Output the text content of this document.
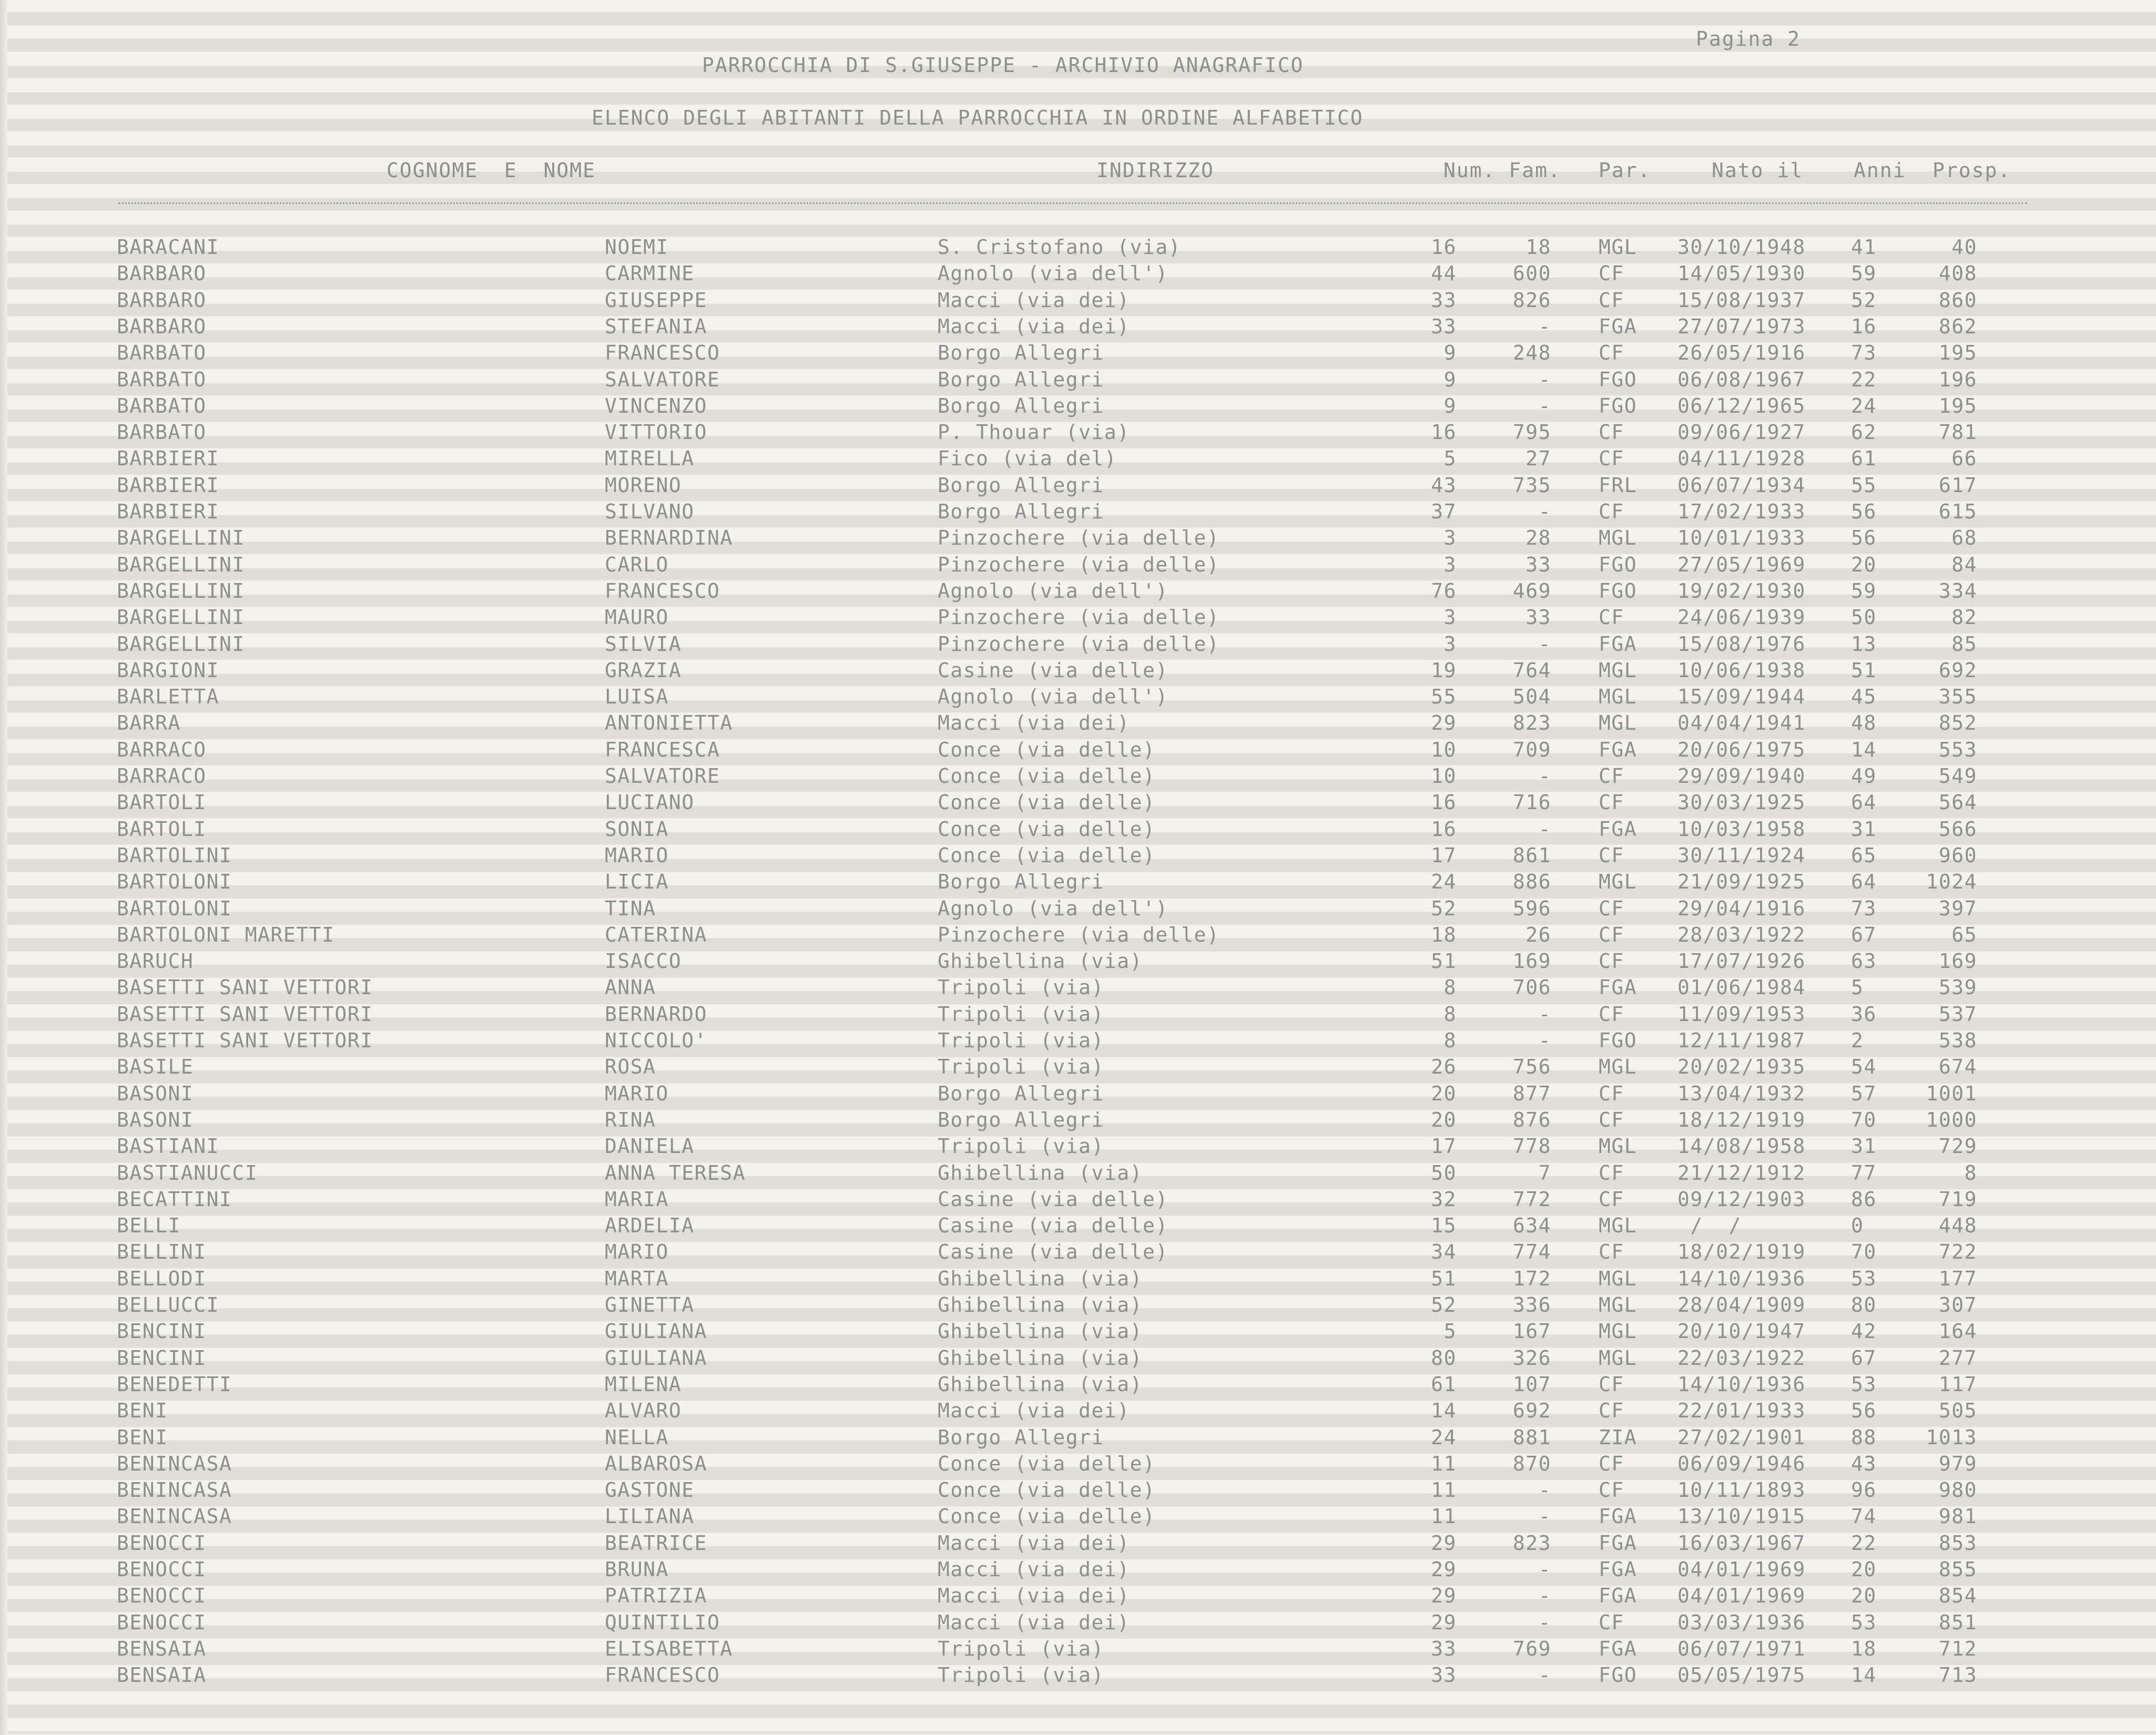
Pagina 2
PARROCCHIA DI S.GIUSEPPE - ARCHIVIO ANAGRAFICO
ELENCO DEGLI ABITANTI DELLA PARROCCHIA IN ORDINE ALFABETICO
COGNOME  E  NOME	INDIRIZZO	Num. Fam. Par.	Nato il	Anni Prosp.
BARACANI	NOEMI	S. Cristofano (via)	16	18 MGL 30/10/1948 41	40
BARBARO	CARMINE	Agnolo (via dell')	44	600 CF	14/05/1930 59	408
BARBARO	GIUSEPPE	Macci (via dei)	33	826 CF	15/08/1937 52	860
BARBARO	STEFANIA	Macci (via dei)	33	- FGA 27/07/1973 16	862
BARBATO	FRANCESCO	Borgo Allegri	9	248 CF	26/05/1916 73	195
BARBATO	SALVATORE	Borgo Allegri	9	- FGO 06/08/1967 22	196
BARBATO	VINCENZO	Borgo Allegri	9	- FGO 06/12/1965 24	195
BARBATO	VITTORIO	P. Thouar (via)	16	795 CF	09/06/1927 62	781
BARBIERI	MIRELLA	Fico (via del)	5	27 CF	04/11/1928 61	66
BARBIERI	MORENO	Borgo Allegri	43	735 FRL 06/07/1934 55	617
BARBIERI	SILVANO	Borgo Allegri	37	- CF	17/02/1933 56	615
BARGELLINI	BERNARDINA	Pinzochere (via delle)	3	28 MGL 10/01/1933 56	68
BARGELLINI	CARLO	Pinzochere (via delle)	3	33 FGO 27/05/1969 20	84
BARGELLINI	FRANCESCO	Agnolo (via dell')	76	469 FGO 19/02/1930 59	334
BARGELLINI	MAURO	Pinzochere (via delle)	3	33 CF	24/06/1939 50	82
BARGELLINI	SILVIA	Pinzochere (via delle)	3	- FGA 15/08/1976 13	85
BARGIONI	GRAZIA	Casine (via delle)	19	764 MGL 10/06/1938 51	692
BARLETTA	LUISA	Agnolo (via dell')	55	504 MGL 15/09/1944 45	355
BARRA	ANTONIETTA	Macci (via dei)	29	823 MGL 04/04/1941 48	852
BARRACO	FRANCESCA	Conce (via delle)	10	709 FGA 20/06/1975 14	553
BARRACO	SALVATORE	Conce (via delle)	10	- CF	29/09/1940 49	549
BARTOLI	LUCIANO	Conce (via delle)	16	716 CF	30/03/1925 64	564
BARTOLI	SONIA	Conce (via delle)	16	- FGA 10/03/1958 31	566
BARTOLINI	MARIO	Conce (via delle)	17	861 CF	30/11/1924 65	960
BARTOLONI	LICIA	Borgo Allegri	24	886 MGL 21/09/1925 64 1024
BARTOLONI	TINA	Agnolo (via dell')	52	596 CF	29/04/1916 73	397
BARTOLONI MARETTI	CATERINA	Pinzochere (via delle)	18	26 CF	28/03/1922 67	65
BARUCH	ISACCO	Ghibellina (via)	51	169 CF	17/07/1926 63	169
BASETTI SANI VETTORI	ANNA	Tripoli (via)	8	706 FGA 01/06/1984 5	539
BASETTI SANI VETTORI	BERNARDO	Tripoli (via)	8	- CF	11/09/1953 36	537
BASETTI SANI VETTORI	NICCOLO'	Tripoli (via)	8	- FGO 12/11/1987 2	538
BASILE	ROSA	Tripoli (via)	26	756 MGL 20/02/1935 54	674
BASONI	MARIO	Borgo Allegri	20	877 CF	13/04/1932 57 1001
BASONI	RINA	Borgo Allegri	20	876 CF	18/12/1919 70 1000
BASTIANI	DANIELA	Tripoli (via)	17	778 MGL 14/08/1958 31	729
BASTIANUCCI	ANNA TERESA	Ghibellina (via)	50	7 CF	21/12/1912 77	8
BECATTINI	MARIA	Casine (via delle)	32	772 CF	09/12/1903 86	719
BELLI	ARDELIA	Casine (via delle)	15	634 MGL /  /	0	448
BELLINI	MARIO	Casine (via delle)	34	774 CF	18/02/1919 70	722
BELLODI	MARTA	Ghibellina (via)	51	172 MGL 14/10/1936 53	177
BELLUCCI	GINETTA	Ghibellina (via)	52	336 MGL 28/04/1909 80	307
BENCINI	GIULIANA	Ghibellina (via)	5	167 MGL 20/10/1947 42	164
BENCINI	GIULIANA	Ghibellina (via)	80	326 MGL 22/03/1922 67	277
BENEDETTI	MILENA	Ghibellina (via)	61	107 CF	14/10/1936 53	117
BENI	ALVARO	Macci (via dei)	14	692 CF	22/01/1933 56	505
BENI	NELLA	Borgo Allegri	24	881 ZIA 27/02/1901 88 1013
BENINCASA	ALBAROSA	Conce (via delle)	11	870 CF	06/09/1946 43	979
BENINCASA	GASTONE	Conce (via delle)	11	- CF	10/11/1893 96	980
BENINCASA	LILIANA	Conce (via delle)	11	- FGA 13/10/1915 74	981
BENOCCI	BEATRICE	Macci (via dei)	29	823 FGA 16/03/1967 22	853
BENOCCI	BRUNA	Macci (via dei)	29	- FGA 04/01/1969 20	855
BENOCCI	PATRIZIA	Macci (via dei)	29	- FGA 04/01/1969 20	854
BENOCCI	QUINTILIO	Macci (via dei)	29	- CF	03/03/1936 53	851
BENSAIA	ELISABETTA	Tripoli (via)	33	769 FGA 06/07/1971 18	712
BENSAIA	FRANCESCO	Tripoli (via)	33	- FGO 05/05/1975 14	713
